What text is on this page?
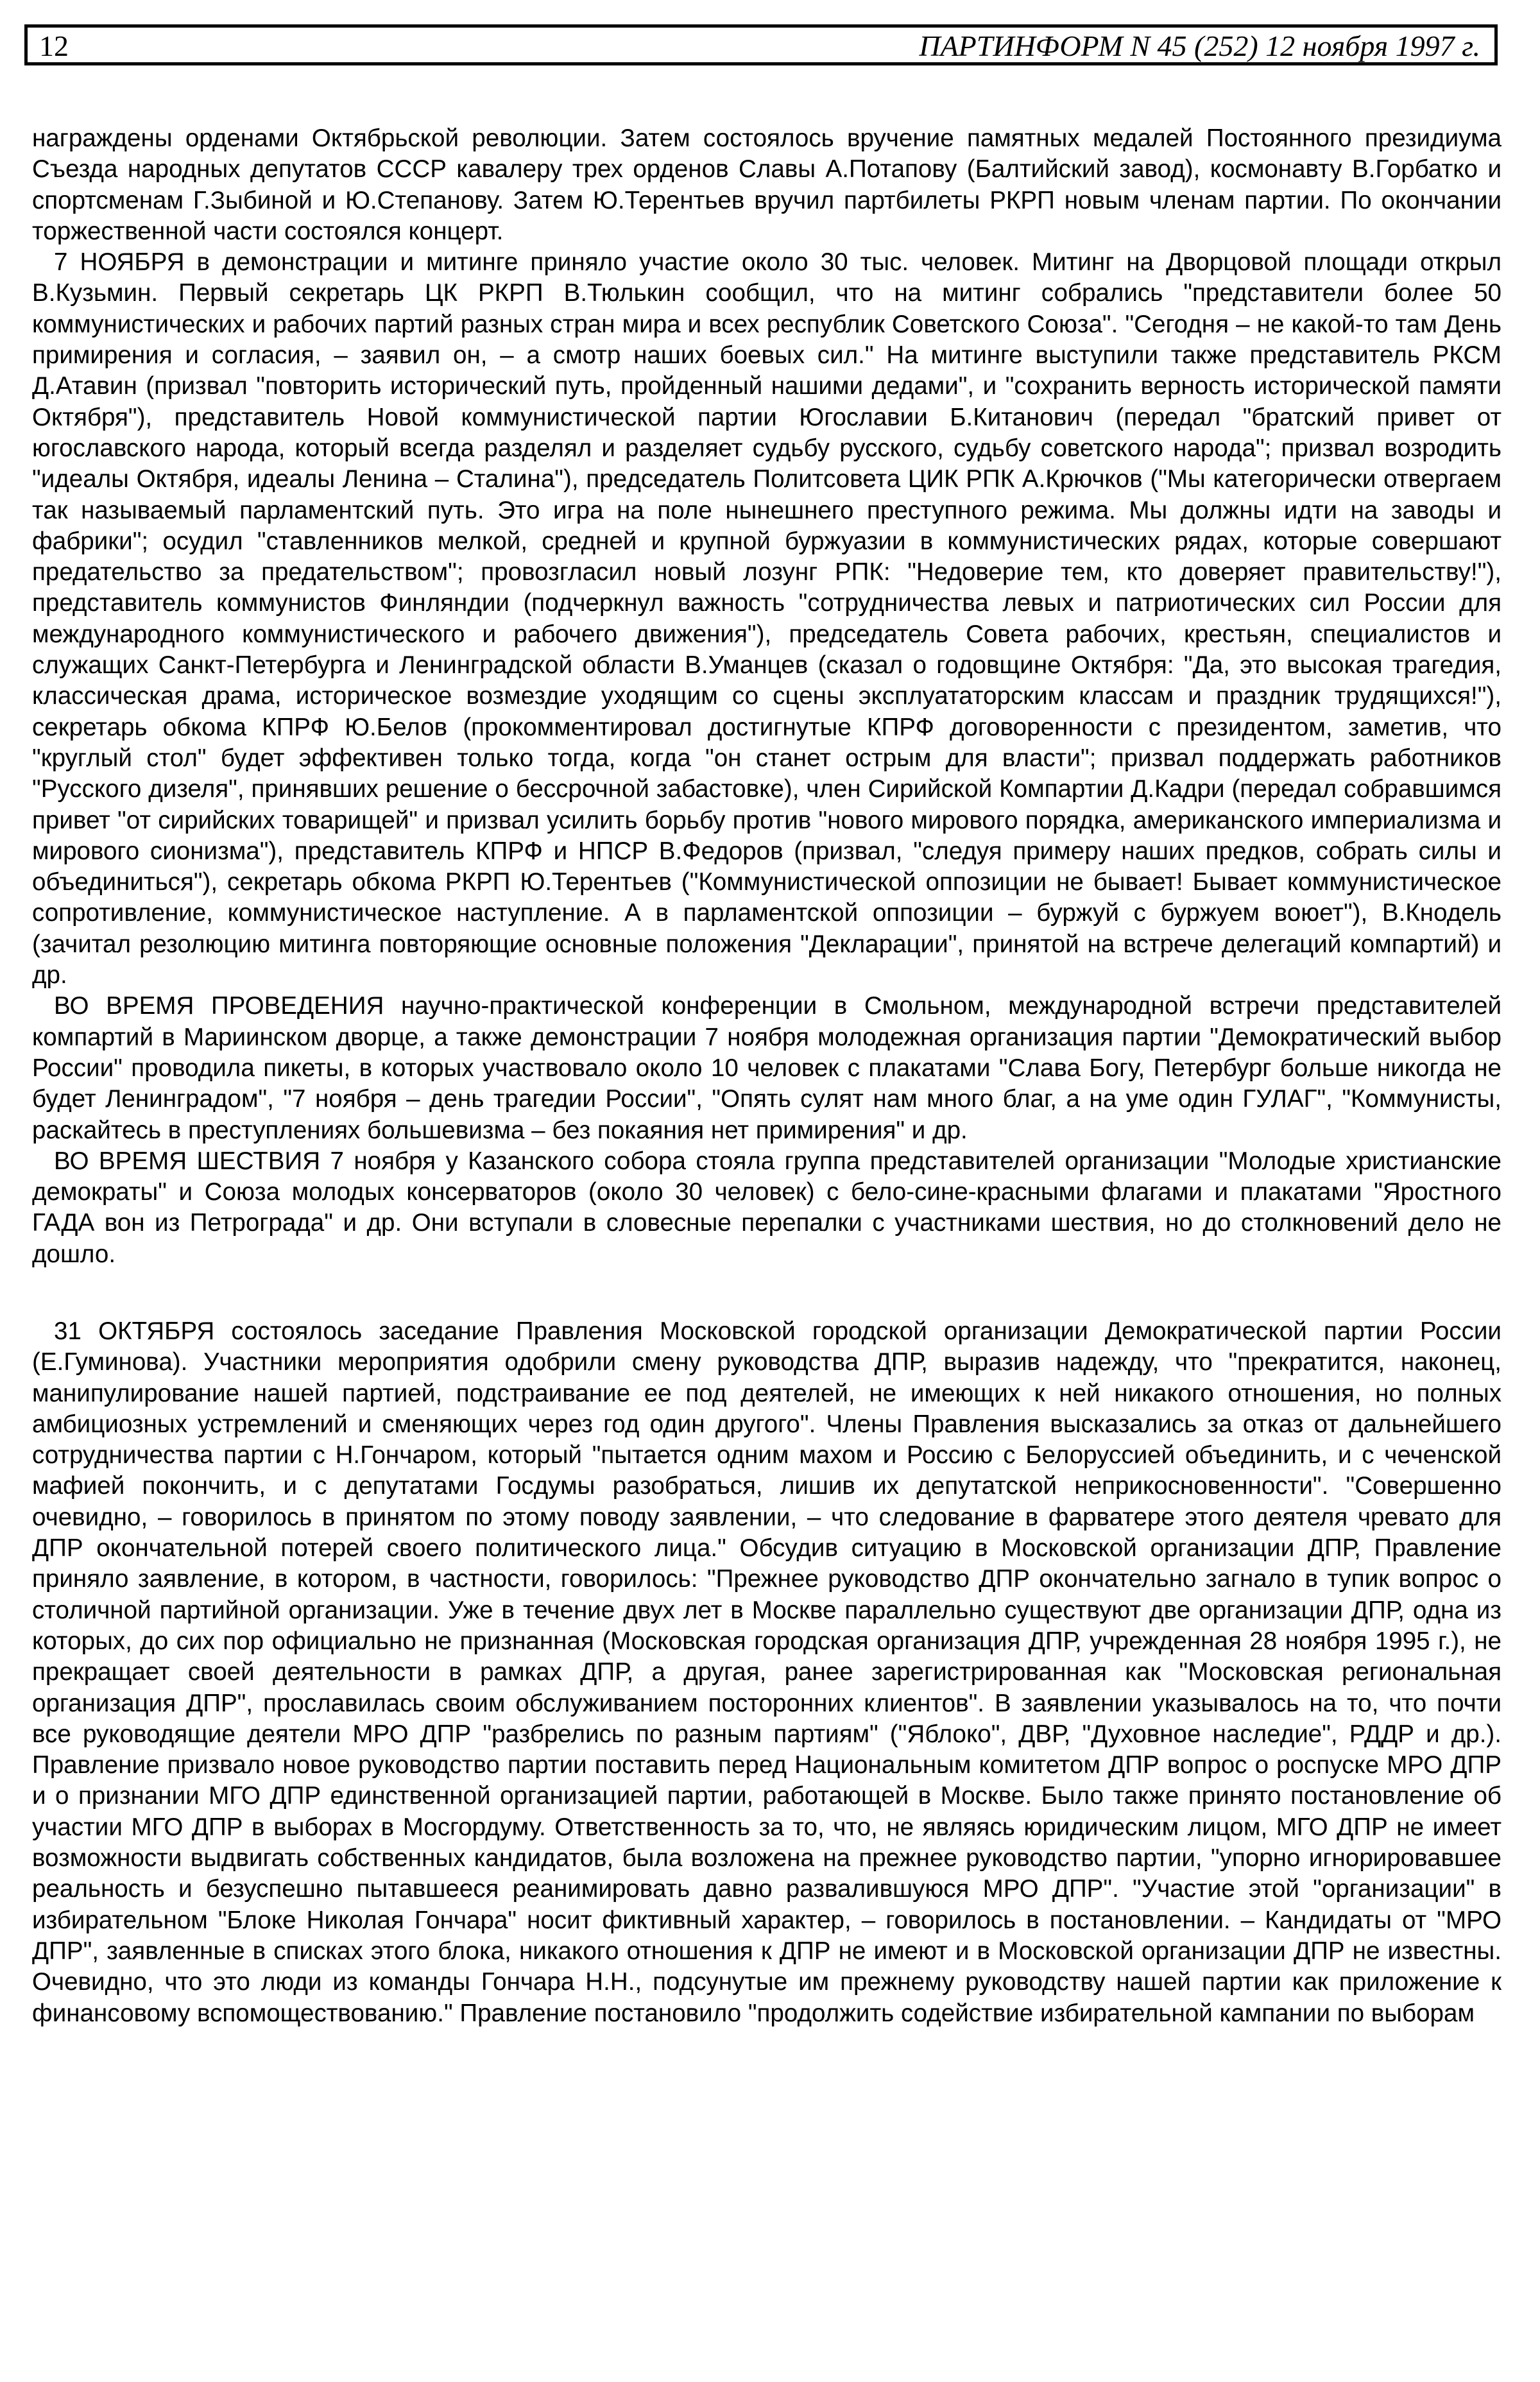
12	ПАРТИНФОРМ N 45 (252) 12 ноября 1997 г.

награждены орденами Октябрьской революции. Затем состоялось вручение памятных медалей Постоянного президиума Съезда народных депутатов СССР кавалеру трех орденов Славы А.Потапову (Балтийский завод), космонавту В.Горбатко и спортсменам Г.Зыбиной и Ю.Степанову. Затем Ю.Терентьев вручил партбилеты РКРП новым членам партии. По окончании торжественной части состоялся концерт.

7 НОЯБРЯ в демонстрации и митинге приняло участие около 30 тыс. человек. Митинг на Дворцовой площади открыл В.Кузьмин. Первый секретарь ЦК РКРП В.Тюлькин сообщил, что на митинг собрались "представители более 50 коммунистических и рабочих партий разных стран мира и всех республик Советского Союза". "Сегодня – не какой-то там День примирения и согласия, – заявил он, – а смотр наших боевых сил." На митинге выступили также представитель РКСМ Д.Атавин (призвал "повторить исторический путь, пройденный нашими дедами", и "сохранить верность исторической памяти Октября"), представитель Новой коммунистической партии Югославии Б.Китанович (передал "братский привет от югославского народа, который всегда разделял и разделяет судьбу русского, судьбу советского народа"; призвал возродить "идеалы Октября, идеалы Ленина – Сталина"), председатель Политсовета ЦИК РПК А.Крючков ("Мы категорически отвергаем так называемый парламентский путь. Это игра на поле нынешнего преступного режима. Мы должны идти на заводы и фабрики"; осудил "ставленников мелкой, средней и крупной буржуазии в коммунистических рядах, которые совершают предательство за предательством"; провозгласил новый лозунг РПК: "Недоверие тем, кто доверяет правительству!"), представитель коммунистов Финляндии (подчеркнул важность "сотрудничества левых и патриотических сил России для международного коммунистического и рабочего движения"), председатель Совета рабочих, крестьян, специалистов и служащих Санкт-Петербурга и Ленинградской области В.Уманцев (сказал о годовщине Октября: "Да, это высокая трагедия, классическая драма, историческое возмездие уходящим со сцены эксплуататорским классам и праздник трудящихся!"), секретарь обкома КПРФ Ю.Белов (прокомментировал достигнутые КПРФ договоренности с президентом, заметив, что "круглый стол" будет эффективен только тогда, когда "он станет острым для власти"; призвал поддержать работников "Русского дизеля", принявших решение о бессрочной забастовке), член Сирийской Компартии Д.Кадри (передал собравшимся привет "от сирийских товарищей" и призвал усилить борьбу против "нового мирового порядка, американского империализма и мирового сионизма"), представитель КПРФ и НПСР В.Федоров (призвал, "следуя примеру наших предков, собрать силы и объединиться"), секретарь обкома РКРП Ю.Терентьев ("Коммунистической оппозиции не бывает! Бывает коммунистическое сопротивление, коммунистическое наступление. А в парламентской оппозиции – буржуй с буржуем воюет"), В.Кнодель (зачитал резолюцию митинга повторяющие основные положения "Декларации", принятой на встрече делегаций компартий) и др.

ВО ВРЕМЯ ПРОВЕДЕНИЯ научно-практической конференции в Смольном, международной встречи представителей компартий в Мариинском дворце, а также демонстрации 7 ноября молодежная организация партии "Демократический выбор России" проводила пикеты, в которых участвовало около 10 человек с плакатами "Слава Богу, Петербург больше никогда не будет Ленинградом", "7 ноября – день трагедии России", "Опять сулят нам много благ, а на уме один ГУЛАГ", "Коммунисты, раскайтесь в преступлениях большевизма – без покаяния нет примирения" и др.

ВО ВРЕМЯ ШЕСТВИЯ 7 ноября у Казанского собора стояла группа представителей организации "Молодые христианские демократы" и Союза молодых консерваторов (около 30 человек) с бело-сине-красными флагами и плакатами "Яростного ГАДА вон из Петрограда" и др. Они вступали в словесные перепалки с участниками шествия, но до столкновений дело не дошло.

31 ОКТЯБРЯ состоялось заседание Правления Московской городской организации Демократической партии России (Е.Гуминова). Участники мероприятия одобрили смену руководства ДПР, выразив надежду, что "прекратится, наконец, манипулирование нашей партией, подстраивание ее под деятелей, не имеющих к ней никакого отношения, но полных амбициозных устремлений и сменяющих через год один другого". Члены Правления высказались за отказ от дальнейшего сотрудничества партии с Н.Гончаром, который "пытается одним махом и Россию с Белоруссией объединить, и с чеченской мафией покончить, и с депутатами Госдумы разобраться, лишив их депутатской неприкосновенности". "Совершенно очевидно, – говорилось в принятом по этому поводу заявлении, – что следование в фарватере этого деятеля чревато для ДПР окончательной потерей своего политического лица." Обсудив ситуацию в Московской организации ДПР, Правление приняло заявление, в котором, в частности, говорилось: "Прежнее руководство ДПР окончательно загнало в тупик вопрос о столичной партийной организации. Уже в течение двух лет в Москве параллельно существуют две организации ДПР, одна из которых, до сих пор официально не признанная (Московская городская организация ДПР, учрежденная 28 ноября 1995 г.), не прекращает своей деятельности в рамках ДПР, а другая, ранее зарегистрированная как "Московская региональная организация ДПР", прославилась своим обслуживанием посторонних клиентов". В заявлении указывалось на то, что почти все руководящие деятели МРО ДПР "разбрелись по разным партиям" ("Яблоко", ДВР, "Духовное наследие", РДДР и др.). Правление призвало новое руководство партии поставить перед Национальным комитетом ДПР вопрос о роспуске МРО ДПР и о признании МГО ДПР единственной организацией партии, работающей в Москве. Было также принято постановление об участии МГО ДПР в выборах в Мосгордуму. Ответственность за то, что, не являясь юридическим лицом, МГО ДПР не имеет возможности выдвигать собственных кандидатов, была возложена на прежнее руководство партии, "упорно игнорировавшее реальность и безуспешно пытавшееся реанимировать давно развалившуюся МРО ДПР". "Участие этой "организации" в избирательном "Блоке Николая Гончара" носит фиктивный характер, – говорилось в постановлении. – Кандидаты от "МРО ДПР", заявленные в списках этого блока, никакого отношения к ДПР не имеют и в Московской организации ДПР не известны. Очевидно, что это люди из команды Гончара Н.Н., подсунутые им прежнему руководству нашей партии как приложение к финансовому вспомоществованию." Правление постановило "продолжить содействие избирательной кампании по выборам
